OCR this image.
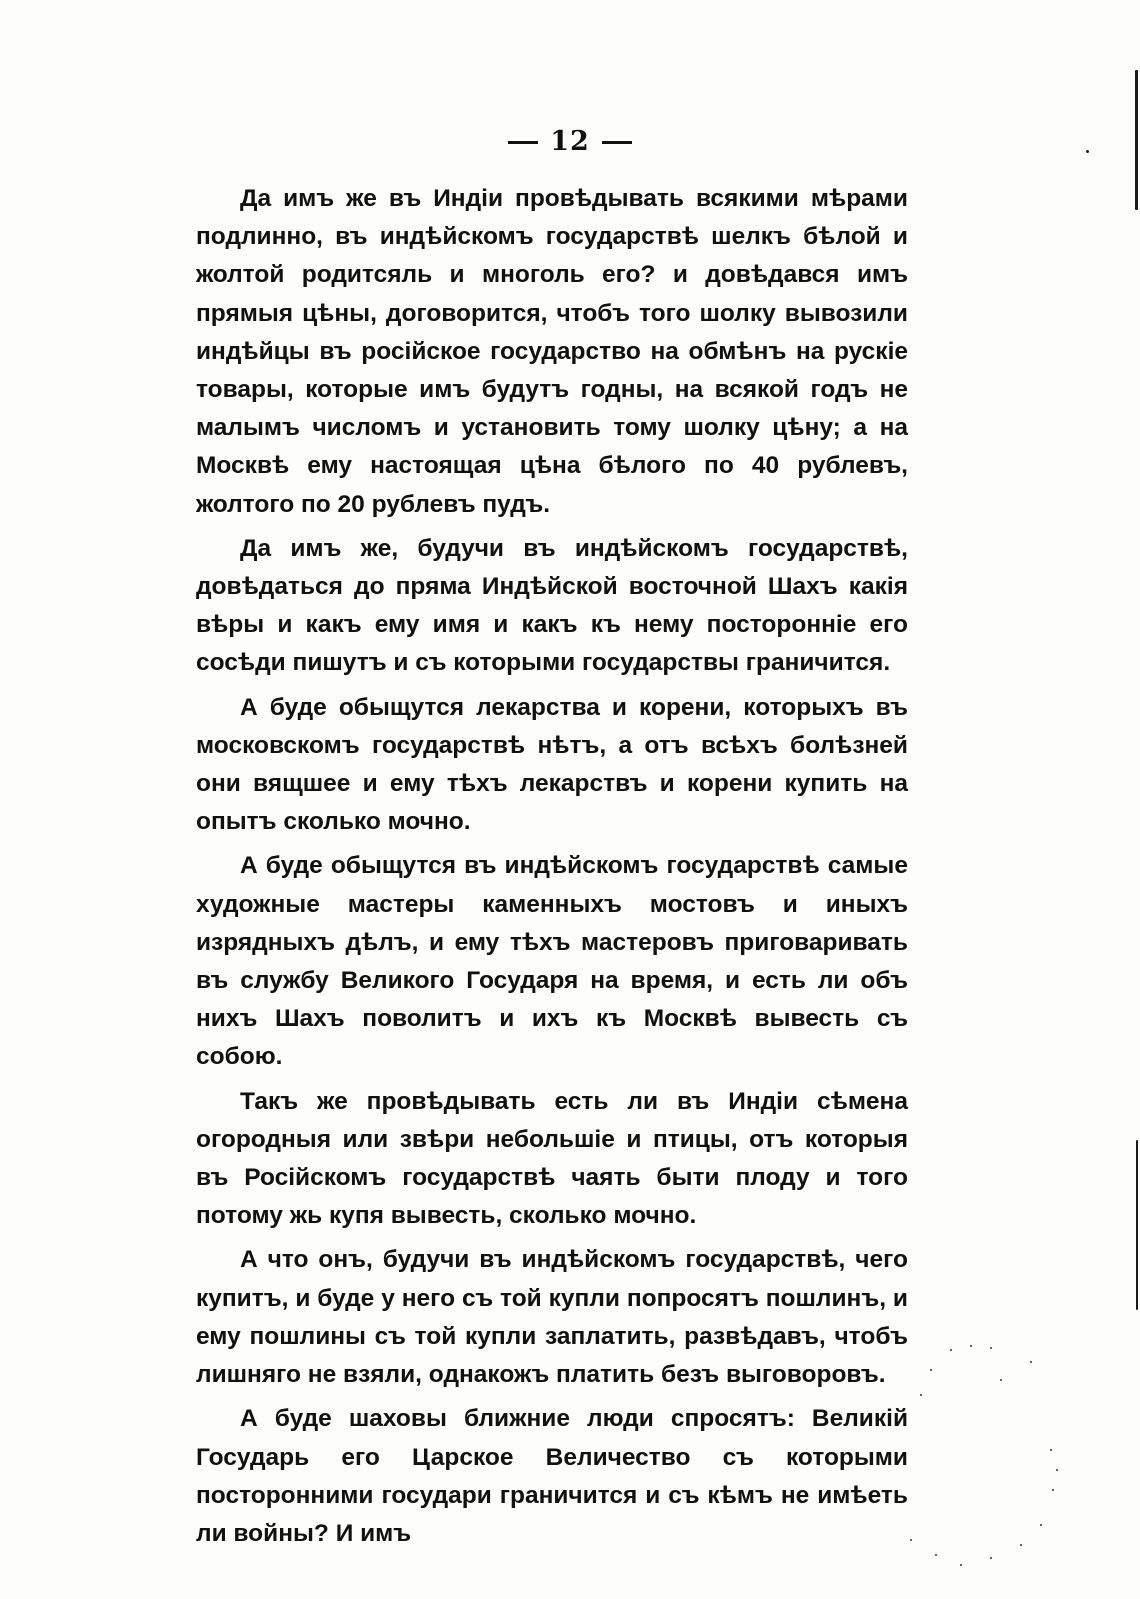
12

Да имъ же въ Индіи провѣдывать всякими мѣрами подлинно, въ индѣйскомъ государствѣ шелкъ бѣлой и жолтой родитсяль и многоль его? и довѣдався имъ прямыя цѣны, договорится, чтобъ того шолку вывозили индѣйцы въ російское государство на обмѣнъ на рускіе товары, которые имъ будутъ годны, на всякой годъ не малымъ числомъ и установить тому шолку цѣну; а на Москвѣ ему настоящая цѣна бѣлого по 40 рублевъ, жолтого по 20 рублевъ пудъ.

Да имъ же, будучи въ индѣйскомъ государствѣ, довѣдаться до пряма Индѣйской восточной Шахъ какія вѣры и какъ ему имя и какъ къ нему посторонніе его сосѣди пишутъ и съ которыми государствы граничится.

А буде обыщутся лекарства и корени, которыхъ въ московскомъ государствѣ нѣтъ, а отъ всѣхъ болѣзней они вящшее и ему тѣхъ лекарствъ и корени купить на опытъ сколько мочно.

А буде обыщутся въ индѣйскомъ государствѣ самые художные мастеры каменныхъ мостовъ и иныхъ изрядныхъ дѣлъ, и ему тѣхъ мастеровъ приговаривать въ службу Великого Государя на время, и есть ли объ нихъ Шахъ поволитъ и ихъ къ Москвѣ вывесть съ собою.

Такъ же провѣдывать есть ли въ Индіи сѣмена огородныя или звѣри небольшіе и птицы, отъ которыя въ Російскомъ государствѣ чаять быти плоду и того потому жь купя вывесть, сколько мочно.

А что онъ, будучи въ индѣйскомъ государствѣ, чего купитъ, и буде у него съ той купли попросятъ пошлинъ, и ему пошлины съ той купли заплатить, развѣдавъ, чтобъ лишняго не взяли, однакожъ платить безъ выговоровъ.

А буде шаховы ближние люди спросятъ: Великій Государь его Царское Величество съ которыми посторонними государи граничится и съ кѣмъ не имѣеть ли войны? И имъ
